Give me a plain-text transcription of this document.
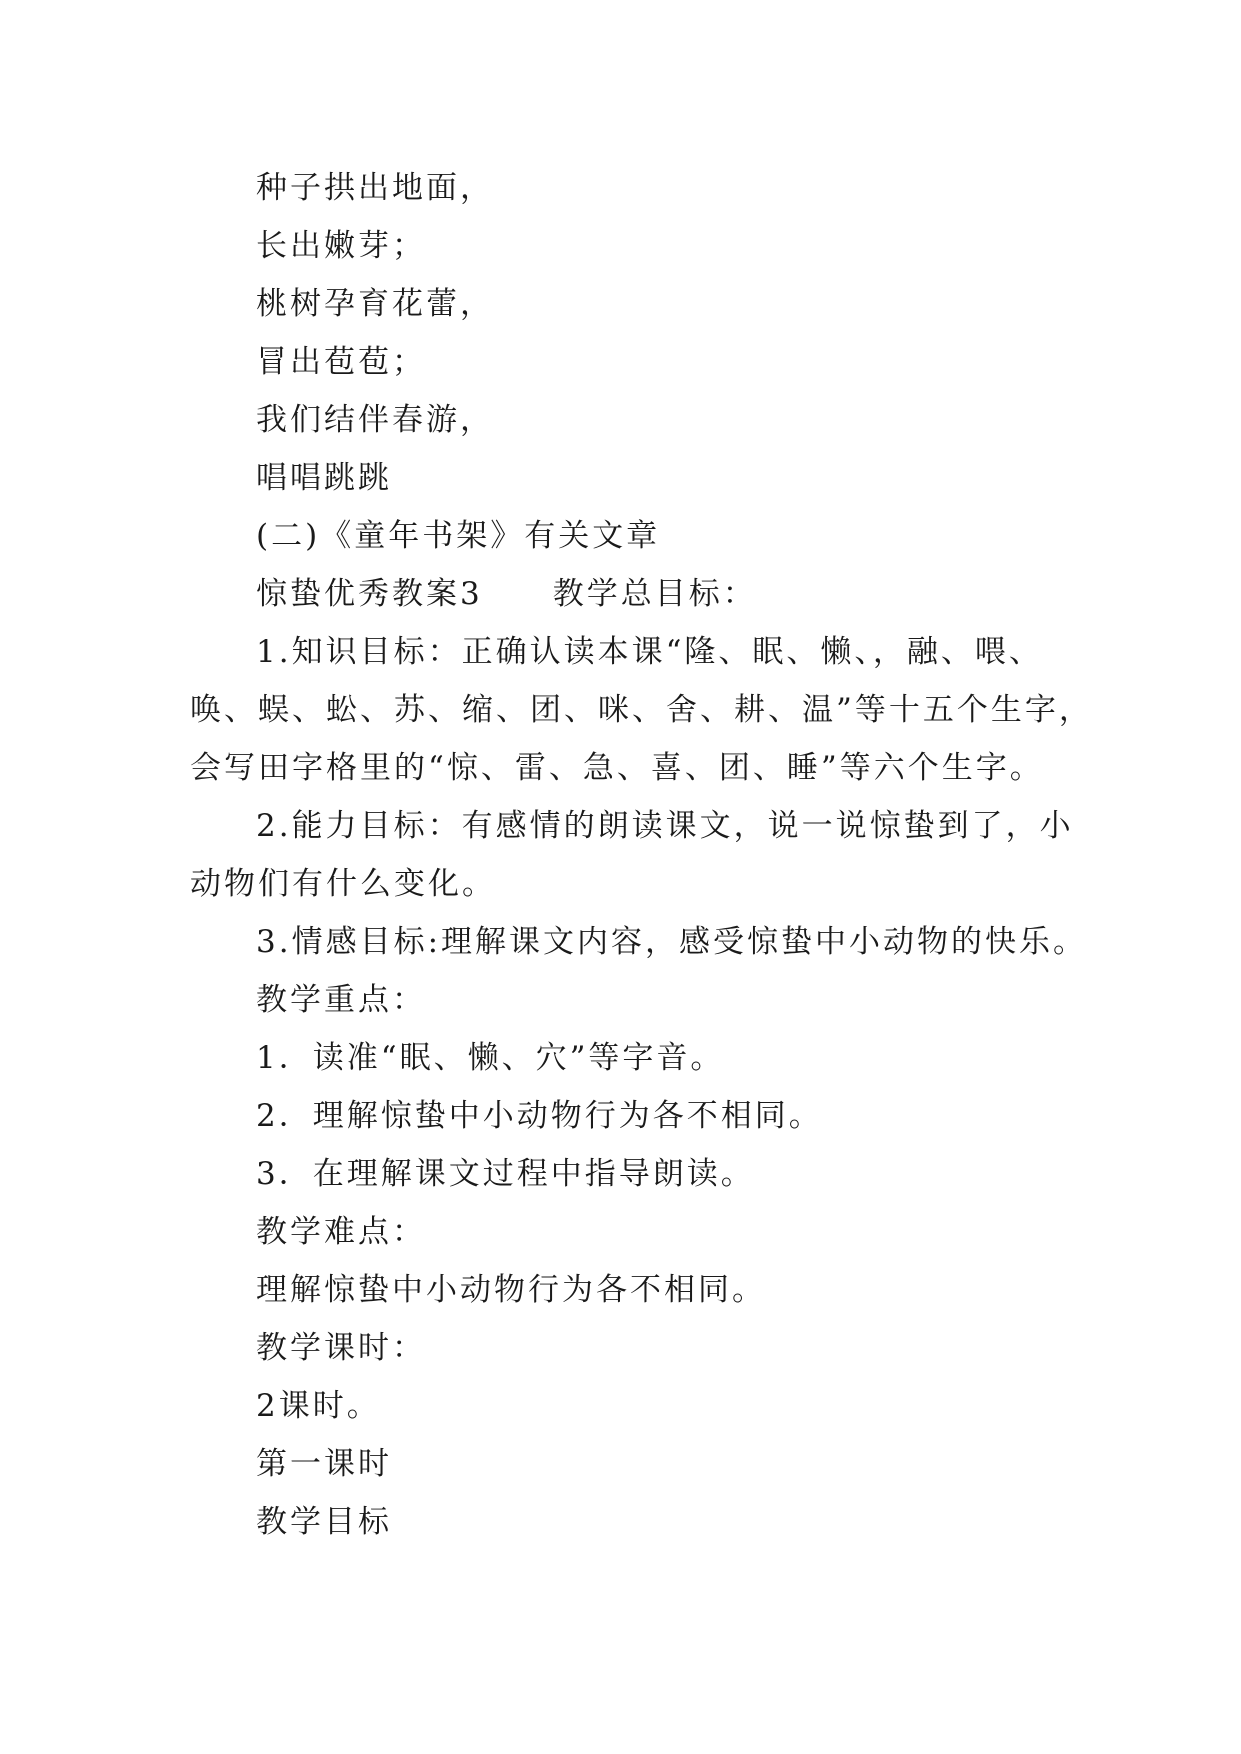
种子拱出地面，
长出嫩芽；
桃树孕育花蕾，
冒出苞苞；
我们结伴春游，
唱唱跳跳
(二)《童年书架》有关文章
惊蛰优秀教案3 教学总目标：
1.知识目标：正确认读本课“隆、眠、懒、，融、喂、
唤、蜈、蚣、苏、缩、团、咪、舍、耕、温”等十五个生字，
会写田字格里的“惊、雷、急、喜、团、睡”等六个生字。
2.能力目标：有感情的朗读课文，说一说惊蛰到了，小
动物们有什么变化。
3.情感目标:理解课文内容，感受惊蛰中小动物的快乐。
教学重点：
1．读准“眠、懒、穴”等字音。
2．理解惊蛰中小动物行为各不相同。
3．在理解课文过程中指导朗读。
教学难点：
理解惊蛰中小动物行为各不相同。
教学课时：
2课时。
第一课时
教学目标
